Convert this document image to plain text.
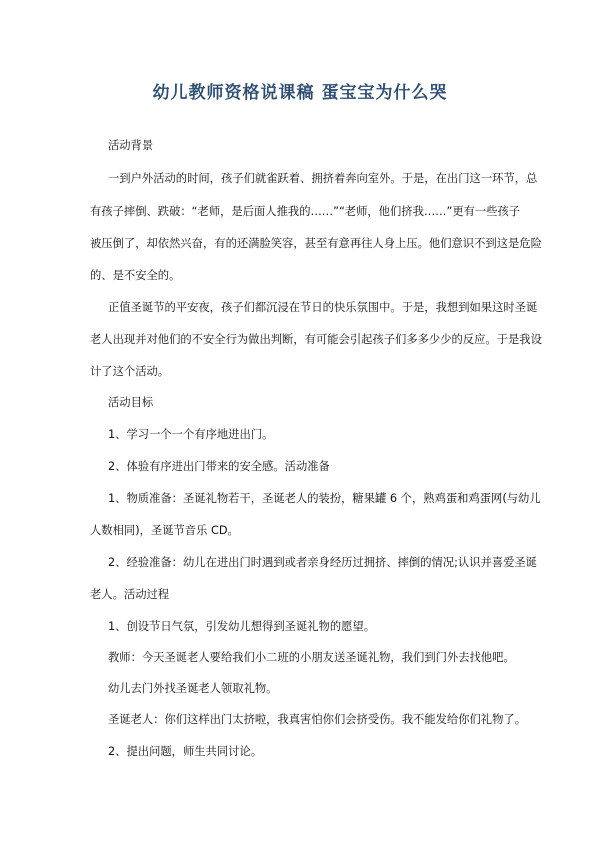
幼儿教师资格说课稿 蛋宝宝为什么哭

活动背景

一到户外活动的时间，孩子们就雀跃着、拥挤着奔向室外。于是，在出门这一环节，总

有孩子摔倒、跌破：“老师，是后面人推我的……”“老师，他们挤我……”更有一些孩子

被压倒了，却依然兴奋，有的还满脸笑容，甚至有意再往人身上压。他们意识不到这是危险

的、是不安全的。

正值圣诞节的平安夜，孩子们都沉浸在节日的快乐氛围中。于是，我想到如果这时圣诞

老人出现并对他们的不安全行为做出判断，有可能会引起孩子们多多少少的反应。于是我设

计了这个活动。

活动目标

1、学习一个一个有序地进出门。

2、体验有序进出门带来的安全感。活动准备

1、物质准备：圣诞礼物若干，圣诞老人的装扮，糖果罐 6 个，熟鸡蛋和鸡蛋网(与幼儿

人数相同)，圣诞节音乐 CD。

2、经验准备：幼儿在进出门时遇到或者亲身经历过拥挤、摔倒的情况;认识并喜爱圣诞

老人。活动过程

1、创设节日气氛，引发幼儿想得到圣诞礼物的愿望。

教师：今天圣诞老人要给我们小二班的小朋友送圣诞礼物，我们到门外去找他吧。

幼儿去门外找圣诞老人领取礼物。

圣诞老人：你们这样出门太挤啦，我真害怕你们会挤受伤。我不能发给你们礼物了。

2、提出问题，师生共同讨论。
